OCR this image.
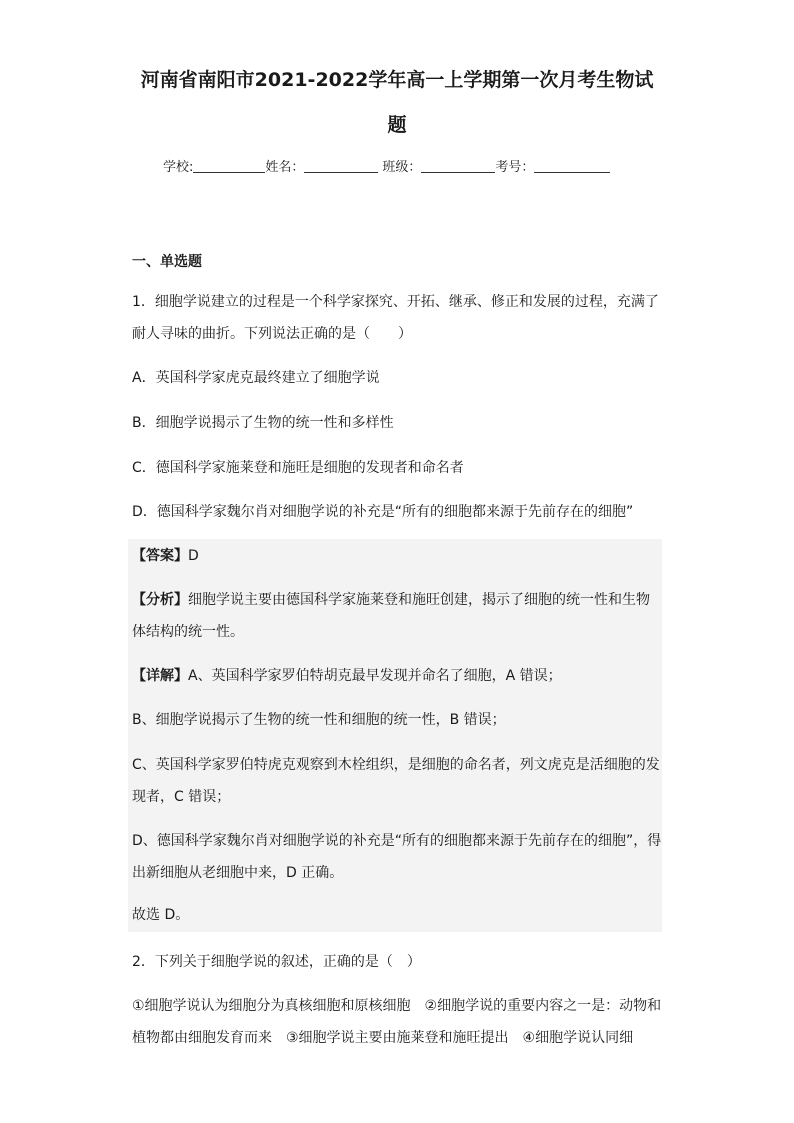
河南省南阳市2021-2022学年高一上学期第一次月考生物试
题
学校:	姓名：	班级：	考号：
一、单选题
1．细胞学说建立的过程是一个科学家探究、开拓、继承、修正和发展的过程，充满了耐人寻味的曲折。下列说法正确的是（　　）
A．英国科学家虎克最终建立了细胞学说
B．细胞学说揭示了生物的统一性和多样性
C．德国科学家施莱登和施旺是细胞的发现者和命名者
D．德国科学家魏尔肖对细胞学说的补充是“所有的细胞都来源于先前存在的细胞”
【答案】D
【分析】细胞学说主要由德国科学家施莱登和施旺创建，揭示了细胞的统一性和生物体结构的统一性。
【详解】A、英国科学家罗伯特胡克最早发现并命名了细胞，A 错误；
B、细胞学说揭示了生物的统一性和细胞的统一性，B 错误；
C、英国科学家罗伯特虎克观察到木栓组织，是细胞的命名者，列文虎克是活细胞的发现者，C 错误；
D、德国科学家魏尔肖对细胞学说的补充是“所有的细胞都来源于先前存在的细胞”，得出新细胞从老细胞中来，D 正确。
故选 D。
2．下列关于细胞学说的叙述，正确的是（　）
①细胞学说认为细胞分为真核细胞和原核细胞　②细胞学说的重要内容之一是：动物和植物都由细胞发育而来　③细胞学说主要由施莱登和施旺提出　④细胞学说认同细
